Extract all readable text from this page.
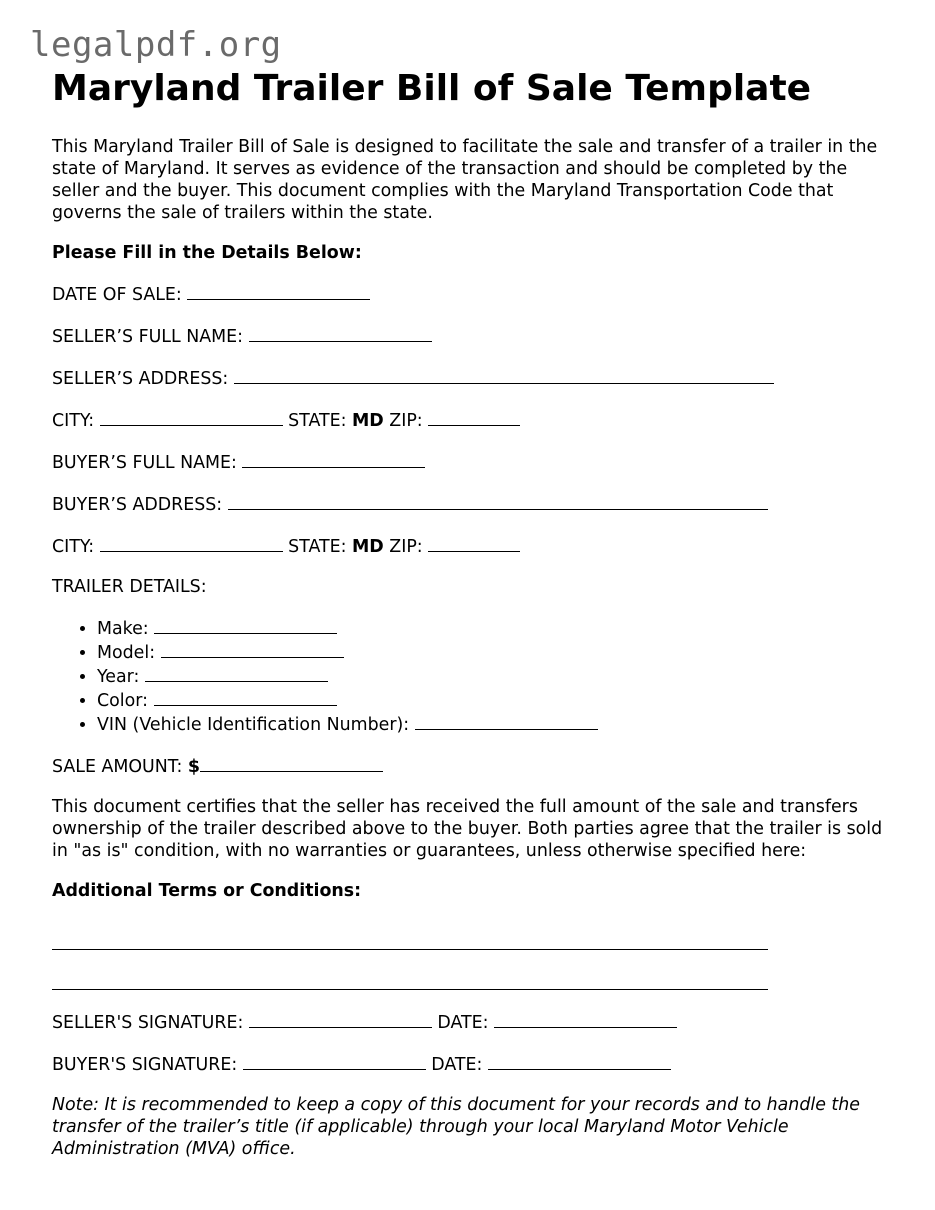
legalpdf.org
Maryland Trailer Bill of Sale Template

This Maryland Trailer Bill of Sale is designed to facilitate the sale and transfer of a trailer in the state of Maryland. It serves as evidence of the transaction and should be completed by the seller and the buyer. This document complies with the Maryland Transportation Code that governs the sale of trailers within the state.

Please Fill in the Details Below:

DATE OF SALE:

SELLER’S FULL NAME:

SELLER’S ADDRESS:

CITY:	STATE: MD ZIP:

BUYER’S FULL NAME:

BUYER’S ADDRESS:

CITY:	STATE: MD ZIP:

TRAILER DETAILS:

• Make:
• Model:
• Year:
• Color:
• VIN (Vehicle Identification Number):

SALE AMOUNT: $

This document certifies that the seller has received the full amount of the sale and transfers ownership of the trailer described above to the buyer. Both parties agree that the trailer is sold in "as is" condition, with no warranties or guarantees, unless otherwise specified here:

Additional Terms or Conditions:

SELLER'S SIGNATURE:	DATE:

BUYER'S SIGNATURE:	DATE:

Note: It is recommended to keep a copy of this document for your records and to handle the transfer of the trailer’s title (if applicable) through your local Maryland Motor Vehicle Administration (MVA) office.
